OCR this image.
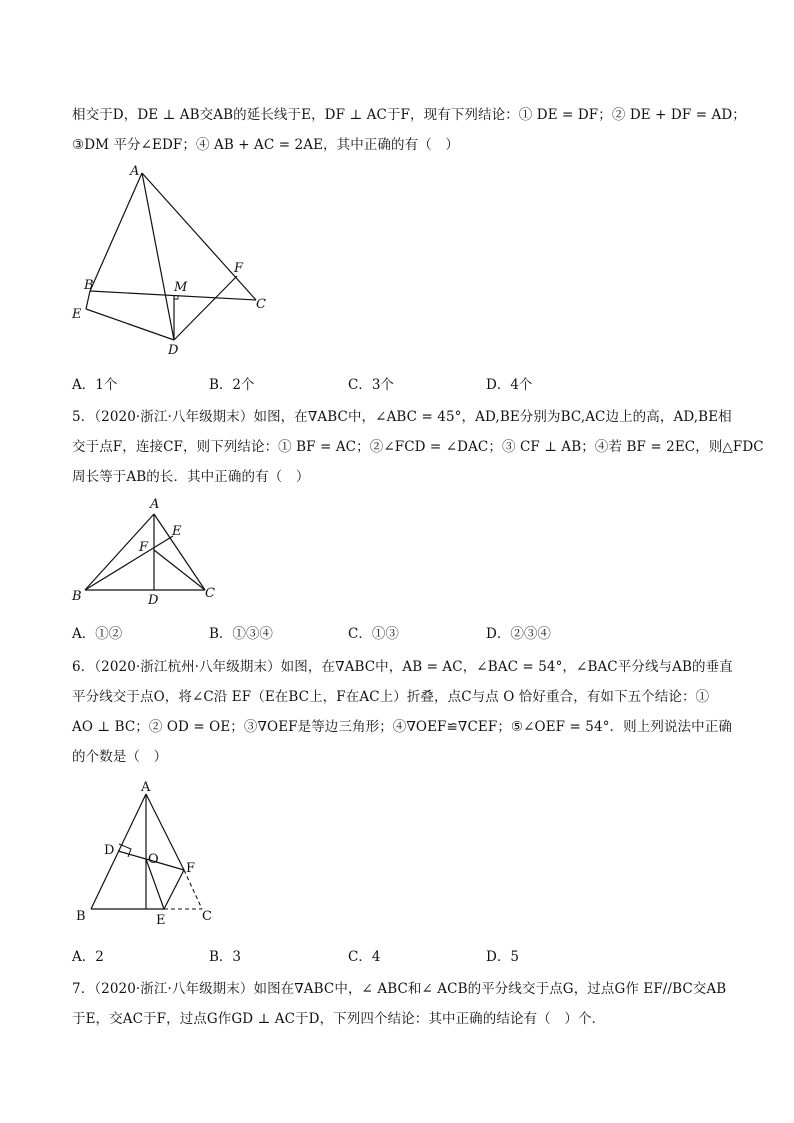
相交于D，DE ⊥ AB交AB的延长线于E，DF ⊥ AC于F，现有下列结论：① DE = DF；② DE + DF = AD；
③DM 平分∠EDF；④ AB + AC = 2AE，其中正确的有（　）
A
B
C
D
E
F
M
A．1个	B．2个	C．3个	D．4个
5．（2020·浙江·八年级期末）如图，在∇ABC中，∠ABC = 45°，AD,BE分别为BC,AC边上的高，AD,BE相
交于点F，连接CF，则下列结论：① BF = AC；②∠FCD = ∠DAC；③ CF ⊥ AB；④若 BF = 2EC，则△FDC
周长等于AB的长．其中正确的有（　）
A
B	C
D
E
F
A．①②	B．①③④	C．①③	D．②③④
6．（2020·浙江杭州·八年级期末）如图，在∇ABC中，AB = AC，∠BAC = 54°，∠BAC平分线与AB的垂直
平分线交于点O，将∠C沿 EF（E在BC上，F在AC上）折叠，点C与点 O 恰好重合，有如下五个结论：①
AO ⊥ BC；② OD = OE；③∇OEF是等边三角形；④∇OEF≌∇CEF；⑤∠OEF = 54°．则上列说法中正确
的个数是（　）
A
B	C
D
E
F
O
A．2	B．3	C．4	D．5
7．（2020·浙江·八年级期末）如图在∇ABC中，∠ ABC和∠ ACB的平分线交于点G，过点G作 EF//BC交AB
于E，交AC于F，过点G作GD ⊥ AC于D，下列四个结论：其中正确的结论有（　）个．
